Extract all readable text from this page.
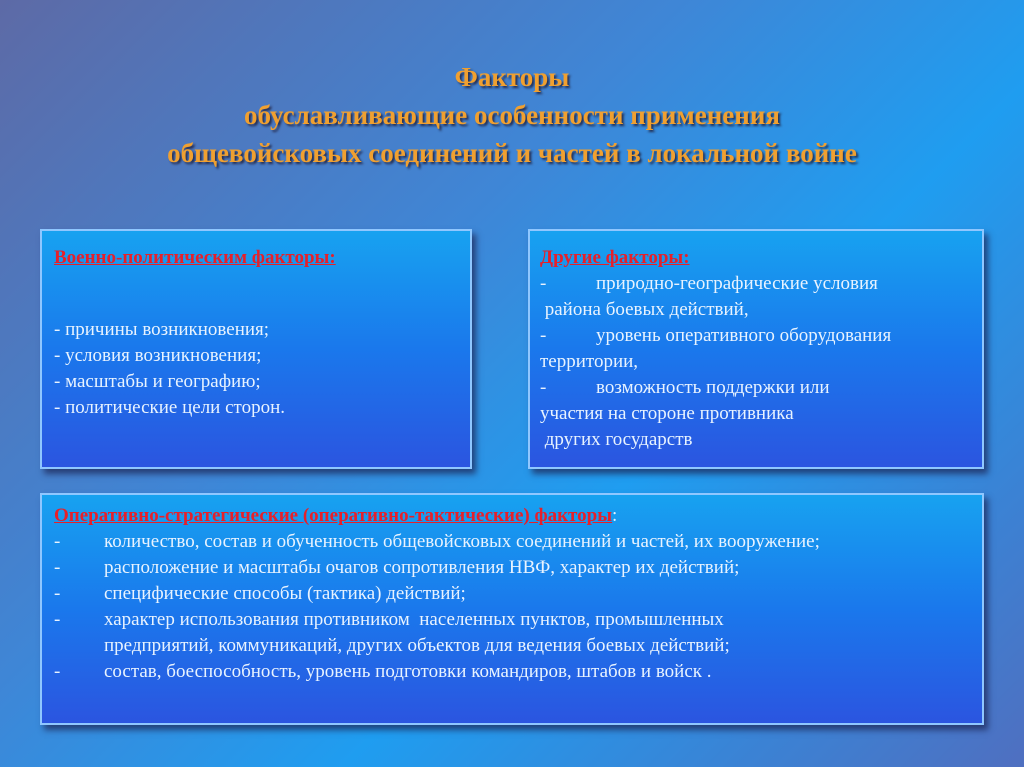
Факторы
обуславливающие особенности применения
общевойсковых соединений и частей в локальной войне
Военно-политическим факторы:
- причины возникновения;
- условия возникновения;
- масштабы и географию;
- политические цели сторон.
Другие факторы:
-	природно-географические условия
района боевых действий,
-	уровень оперативного оборудования
территории,
-	возможность поддержки или
участия на стороне противника
других государств
Оперативно-стратегические (оперативно-тактические) факторы:
- количество, состав и обученность общевойсковых соединений и частей, их вооружение;
- расположение и масштабы очагов сопротивления НВФ, характер их действий;
- специфические способы (тактика) действий;
- характер использования противником  населенных пунктов, промышленных
предприятий, коммуникаций, других объектов для ведения боевых действий;
- состав, боеспособность, уровень подготовки командиров, штабов и войск .
